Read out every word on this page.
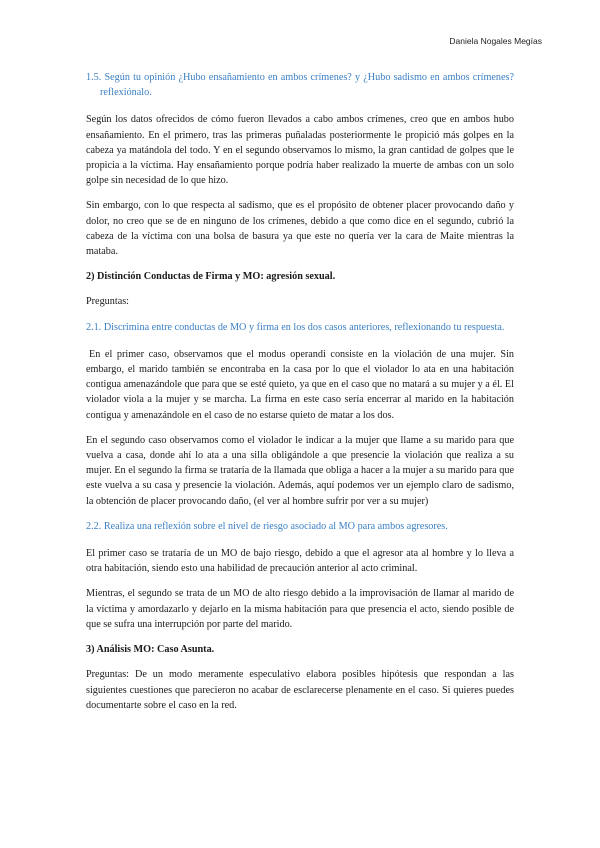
Daniela Nogales Megías

1.5. Según tu opinión ¿Hubo ensañamiento en ambos crímenes? y ¿Hubo sadismo en ambos crímenes? reflexiónalo.

Según los datos ofrecidos de cómo fueron llevados a cabo ambos crímenes, creo que en ambos hubo ensañamiento. En el primero, tras las primeras puñaladas posteriormente le propició más golpes en la cabeza ya matándola del todo. Y en el segundo observamos lo mismo, la gran cantidad de golpes que le propicia a la víctima. Hay ensañamiento porque podría haber realizado la muerte de ambas con un solo golpe sin necesidad de lo que hizo.

Sin embargo, con lo que respecta al sadismo, que es el propósito de obtener placer provocando daño y dolor, no creo que se de en ninguno de los crímenes, debido a que como dice en el segundo, cubrió la cabeza de la víctima con una bolsa de basura ya que este no quería ver la cara de Maite mientras la mataba.

2) Distinción Conductas de Firma y MO: agresión sexual.

Preguntas:

2.1. Discrimina entre conductas de MO y firma en los dos casos anteriores, reflexionando tu respuesta.

En el primer caso, observamos que el modus operandi consiste en la violación de una mujer. Sin embargo, el marido también se encontraba en la casa por lo que el violador lo ata en una habitación contigua amenazándole que para que se esté quieto, ya que en el caso que no matará a su mujer y a él. El violador viola a la mujer y se marcha. La firma en este caso sería encerrar al marido en la habitación contigua y amenazándole en el caso de no estarse quieto de matar a los dos.

En el segundo caso observamos como el violador le indicar a la mujer que llame a su marido para que vuelva a casa, donde ahí lo ata a una silla obligándole a que presencie la violación que realiza a su mujer. En el segundo la firma se trataría de la llamada que obliga a hacer a la mujer a su marido para que este vuelva a su casa y presencie la violación. Además, aquí podemos ver un ejemplo claro de sadismo, la obtención de placer provocando daño, (el ver al hombre sufrir por ver a su mujer)

2.2. Realiza una reflexión sobre el nivel de riesgo asociado al MO para ambos agresores.

El primer caso se trataría de un MO de bajo riesgo, debido a que el agresor ata al hombre y lo lleva a otra habitación, siendo esto una habilidad de precaución anterior al acto criminal.

Mientras, el segundo se trata de un MO de alto riesgo debido a la improvisación de llamar al marido de la víctima y amordazarlo y dejarlo en la misma habitación para que presencia el acto, siendo posible de que se sufra una interrupción por parte del marido.

3) Análisis MO: Caso Asunta.

Preguntas: De un modo meramente especulativo elabora posibles hipótesis que respondan a las siguientes cuestiones que parecieron no acabar de esclarecerse plenamente en el caso. Si quieres puedes documentarte sobre el caso en la red.
